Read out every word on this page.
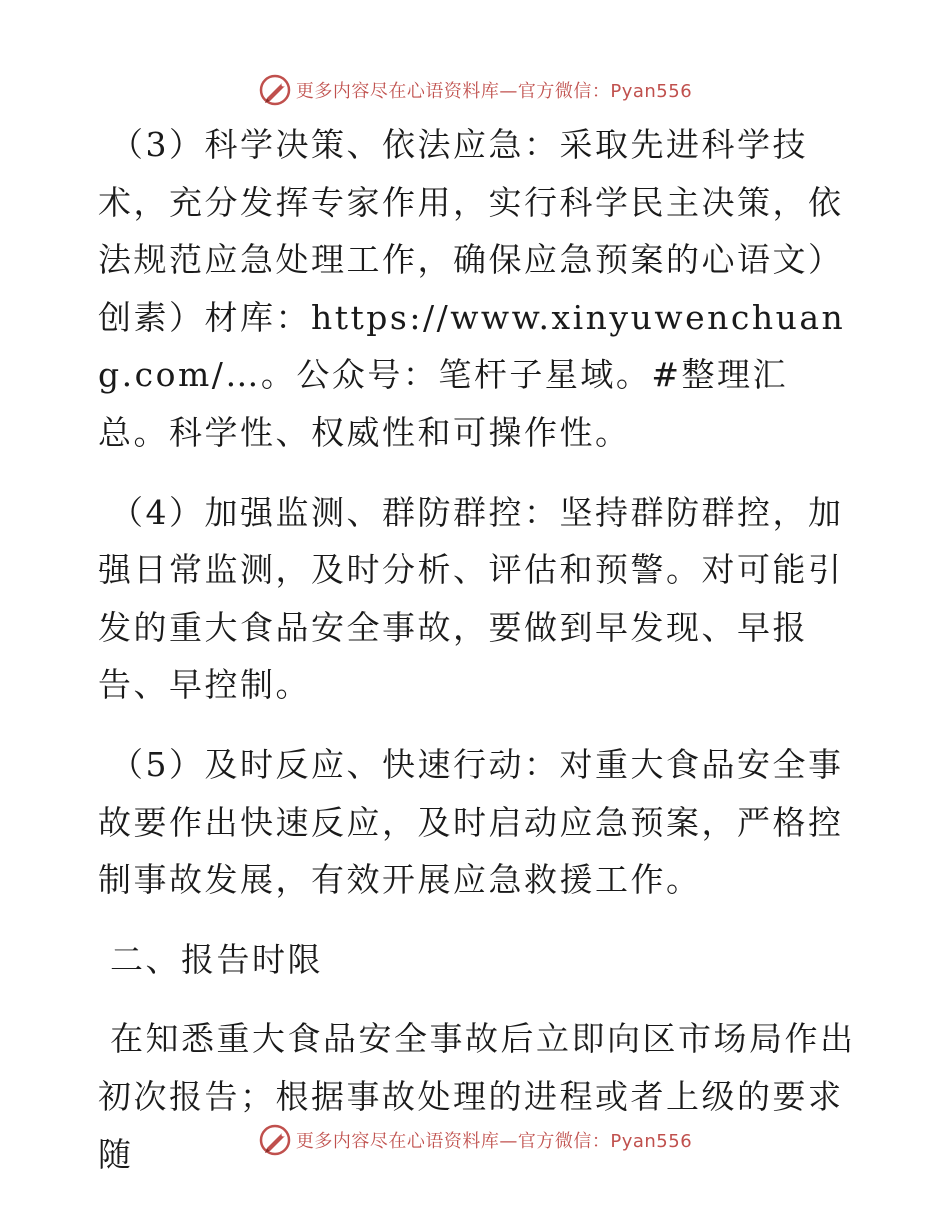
更多内容尽在心语资料库—官方微信：Pyan556

（3）科学决策、依法应急：采取先进科学技术，充分发挥专家作用，实行科学民主决策，依法规范应急处理工作，确保应急预案的心语文）创素）材库：https://www.xinyuwenchuang.com/…。公众号：笔杆子星域。#整理汇总。科学性、权威性和可操作性。

（4）加强监测、群防群控：坚持群防群控，加强日常监测，及时分析、评估和预警。对可能引发的重大食品安全事故，要做到早发现、早报告、早控制。

（5）及时反应、快速行动：对重大食品安全事故要作出快速反应，及时启动应急预案，严格控制事故发展，有效开展应急救援工作。

二、报告时限

在知悉重大食品安全事故后立即向区市场局作出初次报告；根据事故处理的进程或者上级的要求随	更多内容尽在心语资料库—官方微信：Pyan556
